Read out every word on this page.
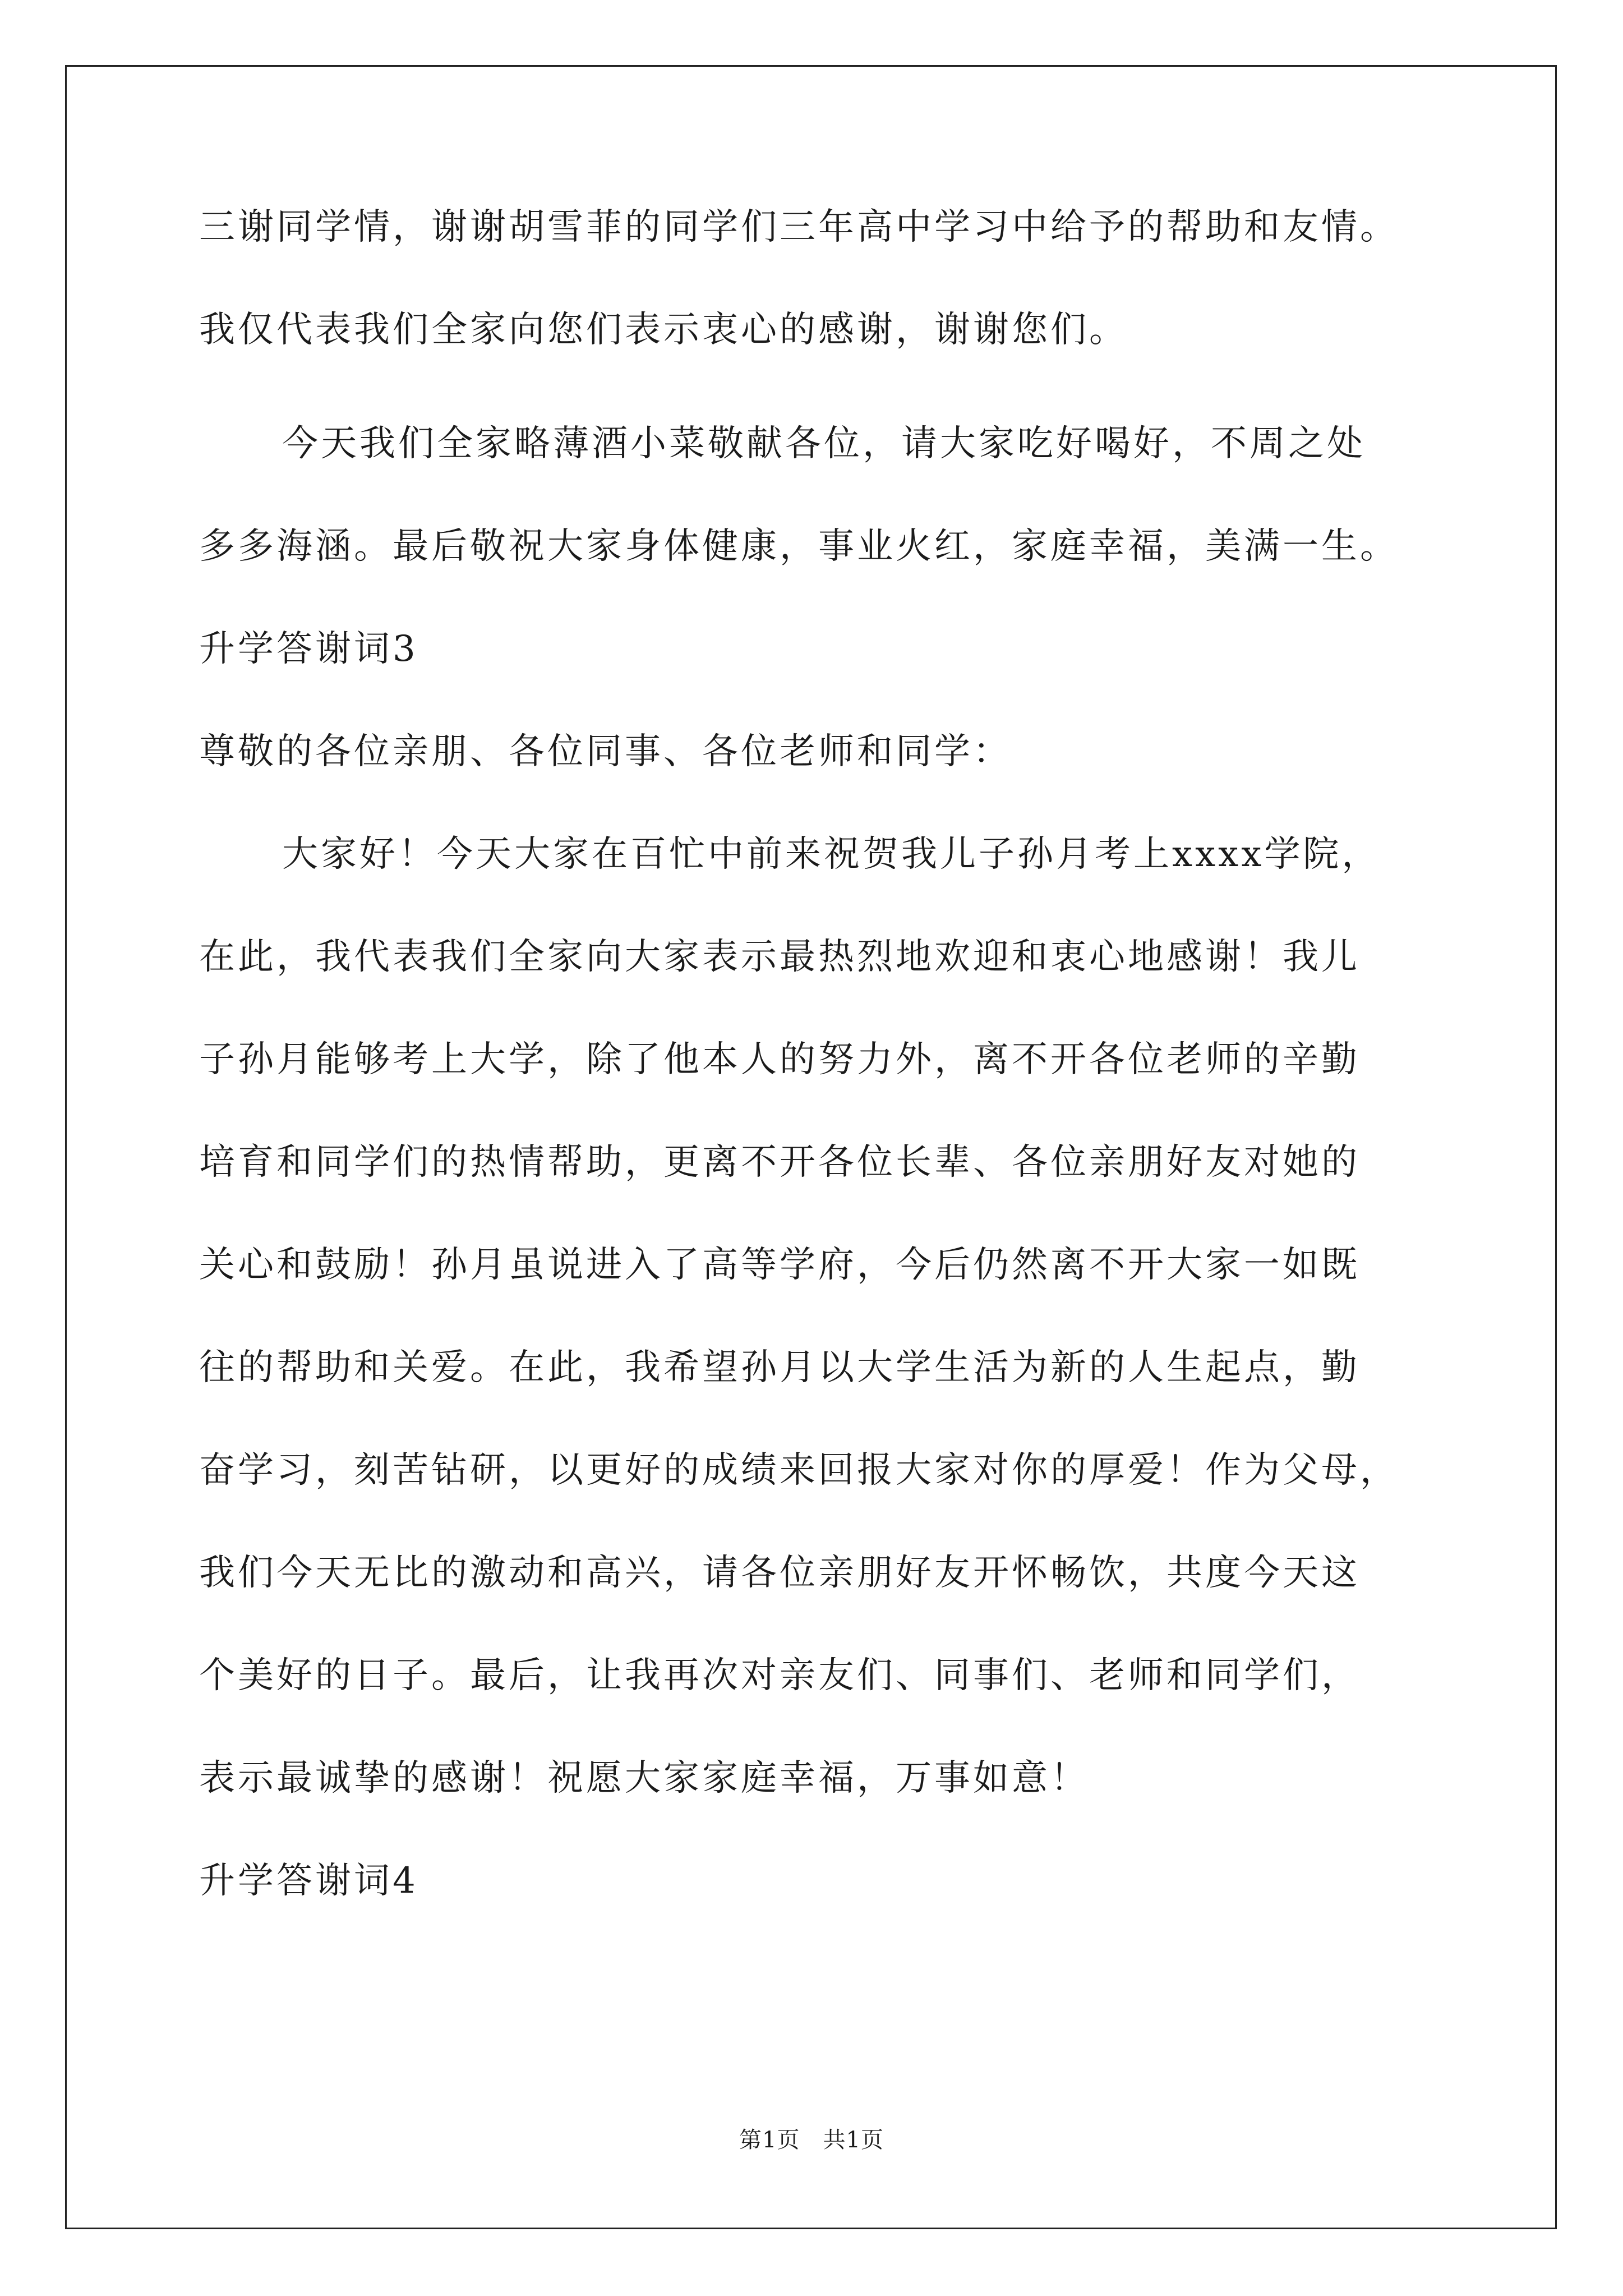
三谢同学情，谢谢胡雪菲的同学们三年高中学习中给予的帮助和友情。
我仅代表我们全家向您们表示衷心的感谢，谢谢您们。
今天我们全家略薄酒小菜敬献各位，请大家吃好喝好，不周之处
多多海涵。最后敬祝大家身体健康，事业火红，家庭幸福，美满一生。
升学答谢词3
尊敬的各位亲朋、各位同事、各位老师和同学：
大家好！今天大家在百忙中前来祝贺我儿子孙月考上xxxx学院，
在此，我代表我们全家向大家表示最热烈地欢迎和衷心地感谢！我儿
子孙月能够考上大学，除了他本人的努力外，离不开各位老师的辛勤
培育和同学们的热情帮助，更离不开各位长辈、各位亲朋好友对她的
关心和鼓励！孙月虽说进入了高等学府，今后仍然离不开大家一如既
往的帮助和关爱。在此，我希望孙月以大学生活为新的人生起点，勤
奋学习，刻苦钻研，以更好的成绩来回报大家对你的厚爱！作为父母，
我们今天无比的激动和高兴，请各位亲朋好友开怀畅饮，共度今天这
个美好的日子。最后，让我再次对亲友们、同事们、老师和同学们，
表示最诚挚的感谢！祝愿大家家庭幸福，万事如意！
升学答谢词4
第1页　共1页
